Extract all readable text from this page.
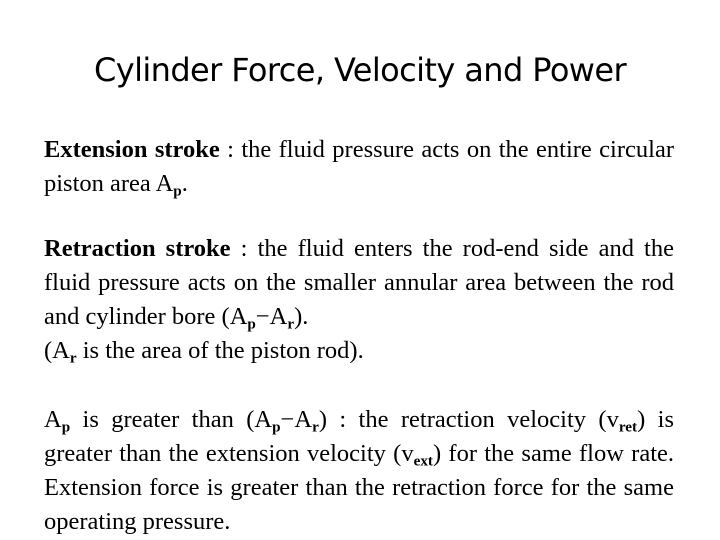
Cylinder Force, Velocity and Power
Extension stroke : the fluid pressure acts on the entire circular piston area $A_p$.
Retraction stroke : the fluid enters the rod-end side and the fluid pressure acts on the smaller annular area between the rod and cylinder bore $(A_p-A_r)$.
($A_r$ is the area of the piston rod).
$A_p$ is greater than $(A_p-A_r)$ : the retraction velocity $(v_{ret})$ is greater than the extension velocity $(v_{ext})$ for the same flow rate. Extension force is greater than the retraction force for the same operating pressure.
